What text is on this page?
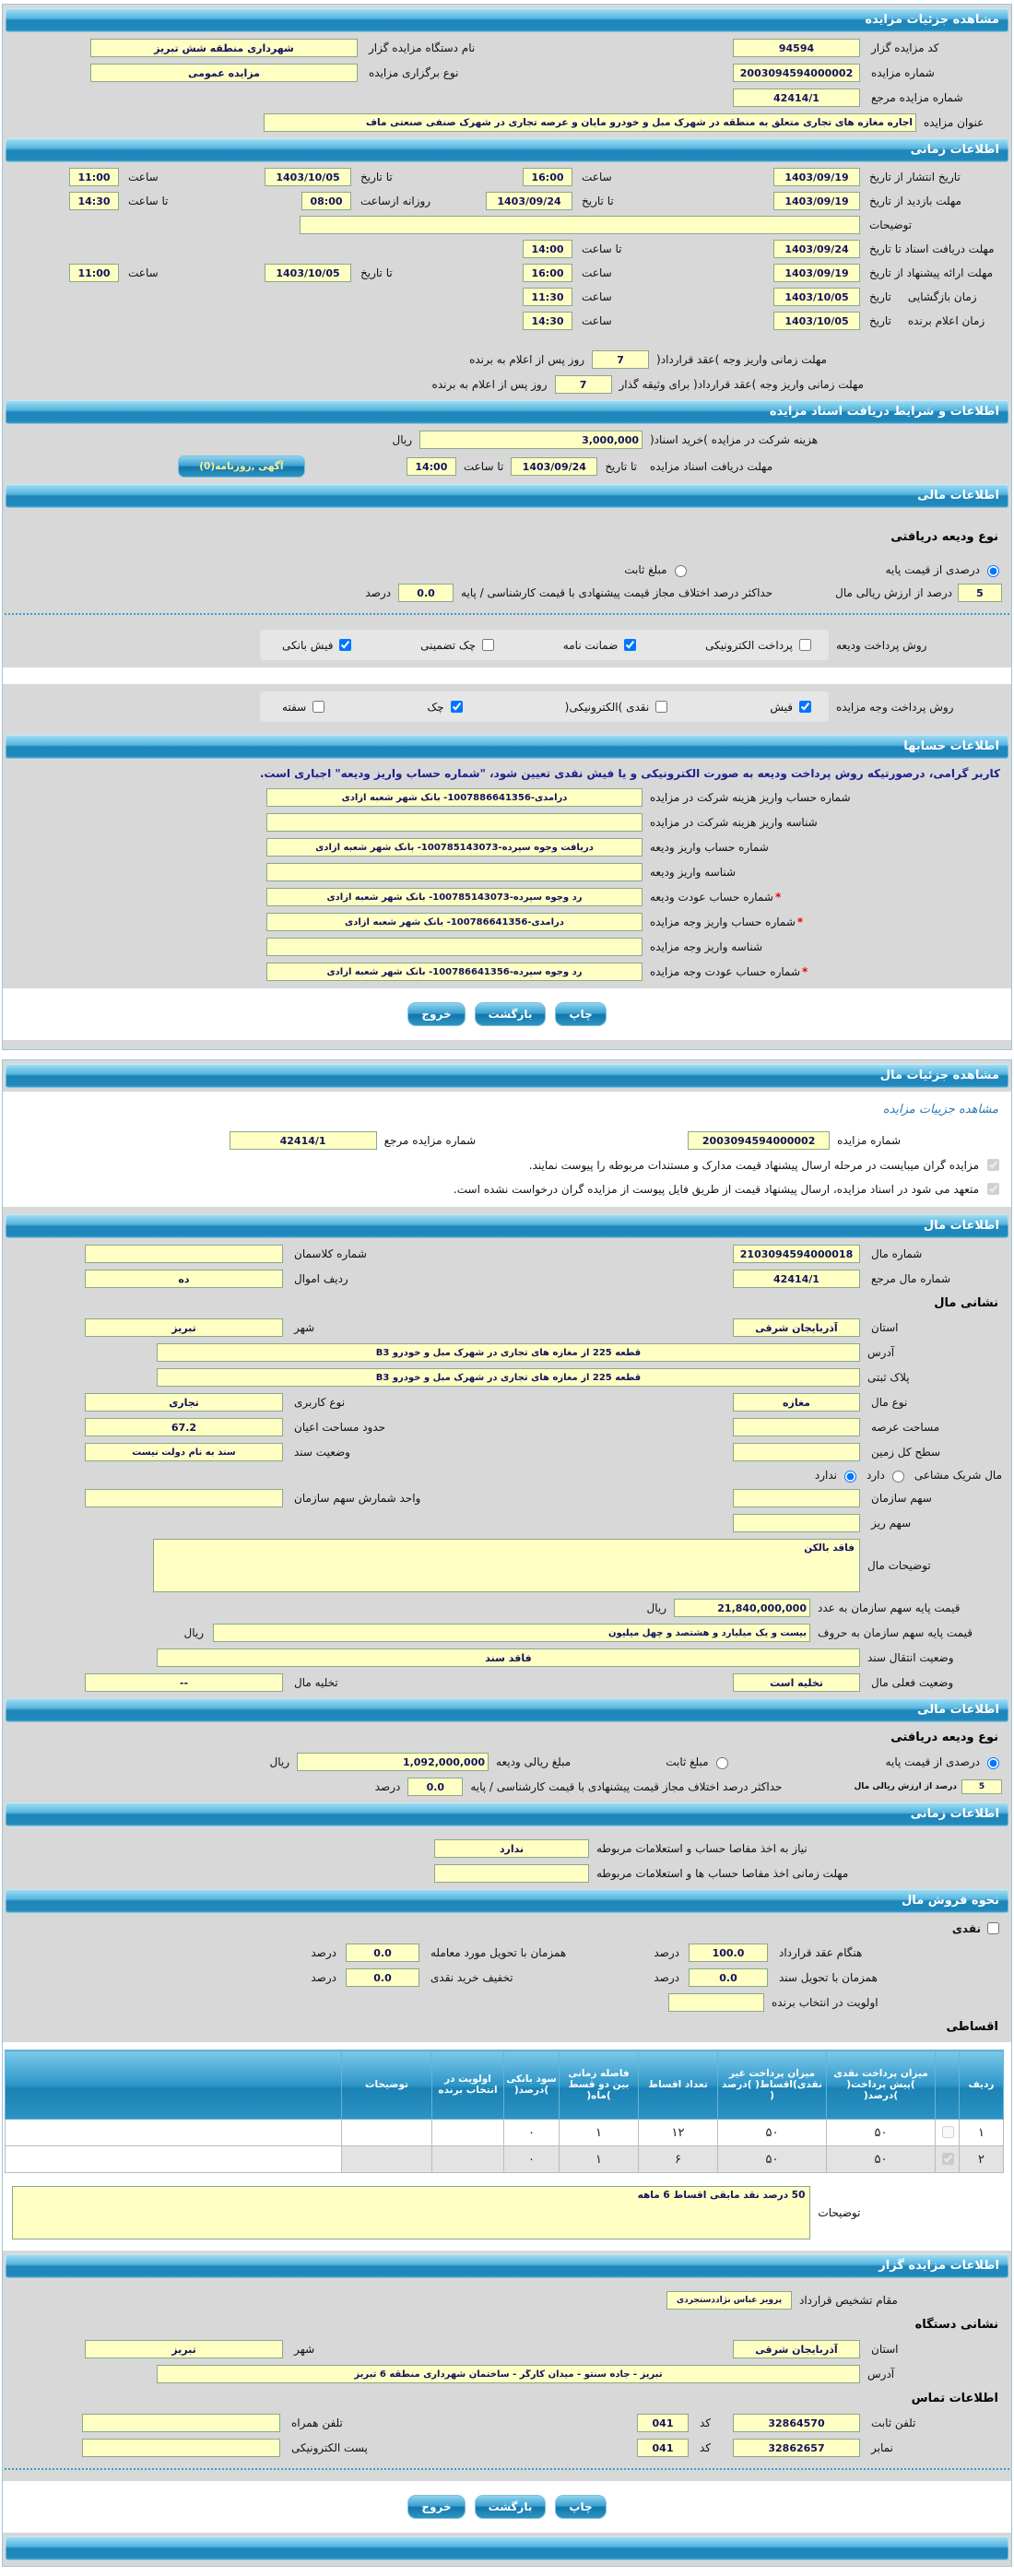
مشاهده جزئیات مزایده
کد مزایده گزار
94594
نام دستگاه مزایده گزار
شهرداری منطقه شش تبریز
شماره مزایده
2003094594000002
نوع برگزاری مزایده
مزایده عمومی
شماره مزایده مرجع
42414/1
عنوان مزایده
اجاره مغازه های تجاری متعلق به منطقه در شهرک مبل و خودرو مایان و عرصه تجاری در شهرک صنفی صنعتی ماف
اطلاعات زمانی
تاریخ انتشار از تاریخ
1403/09/19
ساعت
16:00
تا تاریخ
1403/10/05
ساعت
11:00
مهلت بازدید از تاریخ
1403/09/19
تا تاریخ
1403/09/24
روزانه ازساعت
08:00
تا ساعت
14:30
توضیحات
مهلت دریافت اسناد تا تاریخ
1403/09/24
تا ساعت
14:00
مهلت ارائه پیشنهاد از تاریخ
1403/09/19
ساعت
16:00
تا تاریخ
1403/10/05
ساعت
11:00
زمان بازگشایی
تاریخ
1403/10/05
ساعت
11:30
زمان اعلام برنده
تاریخ
1403/10/05
ساعت
14:30
مهلت زمانی واریز وجه )عقد قرارداد(
7
روز پس از اعلام به برنده
مهلت زمانی واریز وجه )عقد قرارداد( برای وثیقه گذار
7
روز پس از اعلام به برنده
اطلاعات و شرایط دریافت اسناد مزایده
هزینه شرکت در مزایده )خرید اسناد(
3,000,000
ریال
مهلت دریافت اسناد مزایده
تا تاریخ
1403/09/24
تا ساعت
14:00
آگهی ,روزنامه(0)
اطلاعات مالی
نوع ودیعه دریافتی
درصدی از قیمت پایه
مبلغ ثابت
5
درصد از ارزش ریالی مال
حداکثر درصد اختلاف مجاز قیمت پیشنهادی با قیمت کارشناسی / پایه
0.0
درصد
روش پرداخت ودیعه
پرداخت الکترونیکی
ضمانت نامه
چک تضمینی
فیش بانکی
روش پرداخت وجه مزایده
فیش
نقدی )الکترونیکی(
چک
سفته
اطلاعات حسابها
کاربر گرامی، درصورتیکه روش پرداخت ودیعه به صورت الکترونیکی و یا فیش نقدی تعیین شود، "شماره حساب واریز ودیعه" اجباری است.
شماره حساب واریز هزینه شرکت در مزایده
درآمدی-1007886641356- بانک شهر شعبه آزادی
شناسه واریز هزینه شرکت در مزایده
شماره حساب واریز ودیعه
دریافت وجوه سپرده-100785143073- بانک شهر شعبه آزادی
شناسه واریز ودیعه
*شماره حساب عودت ودیعه
رد وجوه سپرده-100785143073- بانک شهر شعبه آزادی
*شماره حساب واریز وجه مزایده
درآمدی-100786641356- بانک شهر شعبه آزادی
شناسه واریز وجه مزایده
*شماره حساب عودت وجه مزایده
رد وجوه سپرده-100786641356- بانک شهر شعبه آزادی
چاپ
بازگشت
خروج
مشاهده جزئیات مال
مشاهده جزییات مزایده
شماره مزایده
2003094594000002
شماره مزایده مرجع
42414/1
مزایده گران میبایست در مرحله ارسال پیشنهاد قیمت مدارک و مستندات مربوطه را پیوست نمایند.
متعهد می شود در اسناد مزایده، ارسال پیشنهاد قیمت از طریق فایل پیوست از مزایده گران درخواست نشده است.
اطلاعات مال
شماره مال
2103094594000018
شماره کلاسمان
شماره مال مرجع
42414/1
ردیف اموال
ده
نشانی مال
استان
آذربایجان شرقی
شهر
تبریز
آدرس
قطعه 225 از مغازه های تجاری در شهرک مبل و خودرو B3
پلاک ثبتی
قطعه 225 از مغازه های تجاری در شهرک مبل و خودرو B3
نوع مال
مغازه
نوع کاربری
تجاری
مساحت عرصه
حدود مساحت اعیان
67.2
سطح کل زمین
وضعیت سند
سند به نام دولت نیست
مال شریک مشاعی
دارد
ندارد
سهم سازمان
واحد شمارش سهم سازمان
سهم ریز
توضیحات مال
فاقد بالکن
قیمت پایه سهم سازمان به عدد
21,840,000,000
ریال
قیمت پایه سهم سازمان به حروف
بیست و یک میلیارد و هشتصد و چهل میلیون
ریال
وضعیت انتقال سند
فاقد سند
وضعیت فعلی مال
تخلیه است
تخلیه مال
--
اطلاعات مالی
نوع ودیعه دریافتی
درصدی از قیمت پایه
مبلغ ثابت
مبلغ ریالی ودیعه
1,092,000,000
ریال
5
درصد از ارزش ریالی مال
حداکثر درصد اختلاف مجاز قیمت پیشنهادی با قیمت کارشناسی / پایه
0.0
درصد
اطلاعات زمانی
نیاز به اخذ مفاصا حساب و استعلامات مربوطه
ندارد
مهلت زمانی اخذ مفاصا حساب ها و استعلامات مربوطه
نحوه فروش مال
نقدی
هنگام عقد قرارداد
100.0
درصد
همزمان با تحویل مورد معامله
0.0
درصد
همزمان با تحویل سند
0.0
درصد
تخفیف خرید نقدی
0.0
درصد
اولویت در انتخاب برنده
اقساطی
ردیف		میزان پرداخت نقدی )پیش پرداخت( )درصد(	میزان پرداخت غیر نقدی)اقساط( )درصد (	تعداد اقساط	فاصله زمانی بین دو قسط )ماه(	سود بانکی )درصد(	اولویت در انتخاب برنده	توضیحات	
۱		۵۰	۵۰	۱۲	۱	۰			
۲		۵۰	۵۰	۶	۱	۰			
توضیحات
50 درصد نقد مابقی اقساط 6 ماهه
اطلاعات مزایده گزار
مقام تشخیص قرارداد
پرویز عباس نژاددستجردی
نشانی دستگاه
استان
آذربایجان شرقی
شهر
تبریز
آدرس
تبریز - جاده سنتو - میدان کارگر - ساختمان شهرداری منطقه 6 تبریز
اطلاعات تماس
تلفن ثابت
32864570
کد
041
تلفن همراه
نمابر
32862657
کد
041
پست الکترونیکی
چاپ
بازگشت
خروج
